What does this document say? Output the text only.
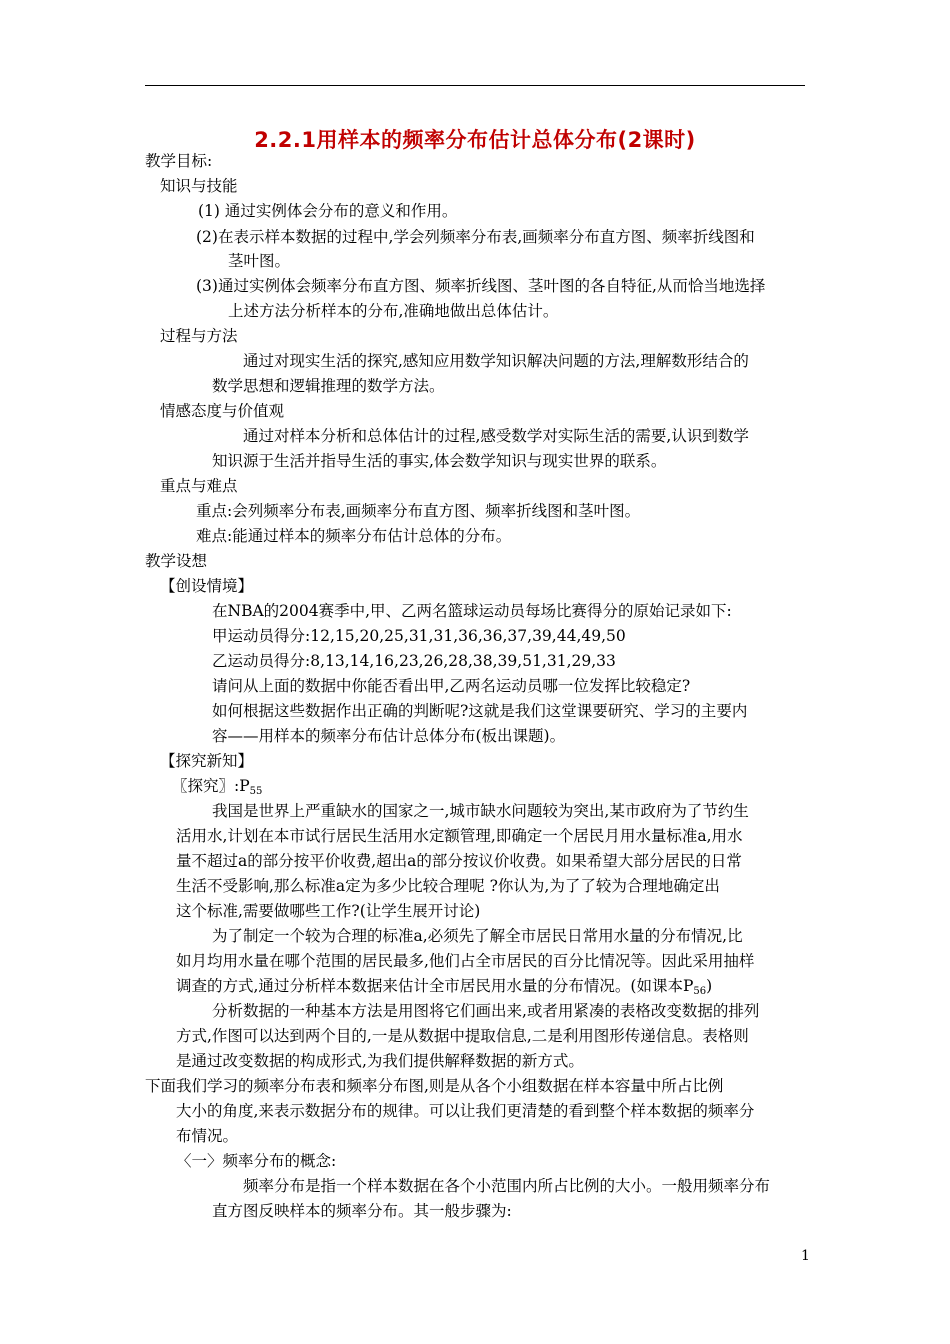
2.2.1用样本的频率分布估计总体分布(2课时)
教学目标:
知识与技能
(1) 通过实例体会分布的意义和作用。
(2)在表示样本数据的过程中,学会列频率分布表,画频率分布直方图、频率折线图和
茎叶图。
(3)通过实例体会频率分布直方图、频率折线图、茎叶图的各自特征,从而恰当地选择
上述方法分析样本的分布,准确地做出总体估计。
过程与方法
通过对现实生活的探究,感知应用数学知识解决问题的方法,理解数形结合的
数学思想和逻辑推理的数学方法。
情感态度与价值观
通过对样本分析和总体估计的过程,感受数学对实际生活的需要,认识到数学
知识源于生活并指导生活的事实,体会数学知识与现实世界的联系。
重点与难点
重点:会列频率分布表,画频率分布直方图、频率折线图和茎叶图。
难点:能通过样本的频率分布估计总体的分布。
教学设想
【创设情境】
在NBA的2004赛季中,甲、乙两名篮球运动员每场比赛得分的原始记录如下:
甲运动员得分:12,15,20,25,31,31,36,36,37,39,44,49,50
乙运动员得分:8,13,14,16,23,26,28,38,39,51,31,29,33
请问从上面的数据中你能否看出甲,乙两名运动员哪一位发挥比较稳定?
如何根据这些数据作出正确的判断呢?这就是我们这堂课要研究、学习的主要内
容——用样本的频率分布估计总体分布(板出课题)。
【探究新知】
〖探究〗$:P_{55}$
我国是世界上严重缺水的国家之一,城市缺水问题较为突出,某市政府为了节约生
活用水,计划在本市试行居民生活用水定额管理,即确定一个居民月用水量标准a,用水
量不超过a的部分按平价收费,超出a的部分按议价收费。如果希望大部分居民的日常
生活不受影响,那么标准a定为多少比较合理呢 ?你认为,为了了较为合理地确定出
这个标准,需要做哪些工作?(让学生展开讨论)
为了制定一个较为合理的标准a,必须先了解全市居民日常用水量的分布情况,比
如月均用水量在哪个范围的居民最多,他们占全市居民的百分比情况等。因此采用抽样
调查的方式,通过分析样本数据来估计全市居民用水量的分布情况。(如课本$P_{56}$)
分析数据的一种基本方法是用图将它们画出来,或者用紧凑的表格改变数据的排列
方式,作图可以达到两个目的,一是从数据中提取信息,二是利用图形传递信息。表格则
是通过改变数据的构成形式,为我们提供解释数据的新方式。
下面我们学习的频率分布表和频率分布图,则是从各个小组数据在样本容量中所占比例
大小的角度,来表示数据分布的规律。可以让我们更清楚的看到整个样本数据的频率分
布情况。
〈一〉频率分布的概念:
频率分布是指一个样本数据在各个小范围内所占比例的大小。一般用频率分布
直方图反映样本的频率分布。其一般步骤为:
1
